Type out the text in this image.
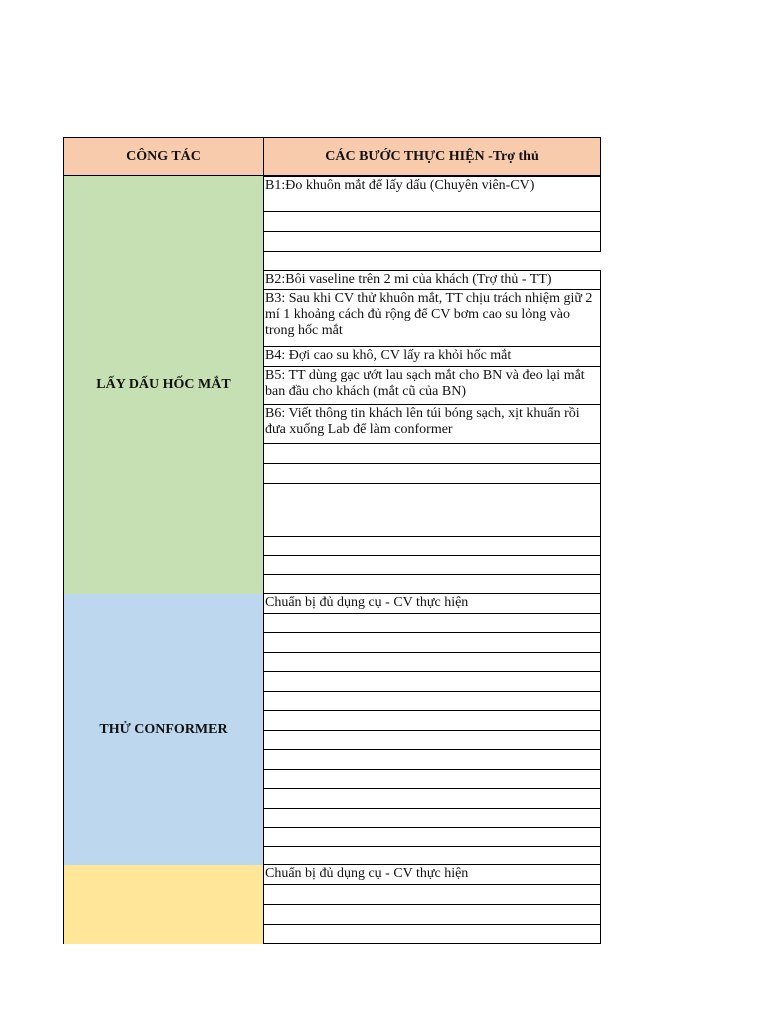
CÔNG TÁC	CÁC BƯỚC THỰC HIỆN -Trợ thủ
LẤY DẤU HỐC MẮT
THỬ CONFORMER
B1:Đo khuôn mắt để lấy dấu (Chuyên viên-CV)
B2:Bôi vaseline trên 2 mi của khách (Trợ thủ - TT)
B3: Sau khi CV thử khuôn mắt, TT chịu trách nhiệm giữ 2 mí 1 khoảng cách đủ rộng để CV bơm cao su lỏng vào trong hốc mắt
B4: Đợi cao su khô, CV lấy ra khỏi hốc mắt
B5: TT dùng gạc ướt lau sạch mắt cho BN và đeo lại mắt ban đầu cho khách (mắt cũ của BN)
B6: Viết thông tin khách lên túi bóng sạch, xịt khuẩn rồi đưa xuống Lab để làm conformer
Chuẩn bị đủ dụng cụ - CV thực hiện
Chuẩn bị đủ dụng cụ - CV thực hiện
